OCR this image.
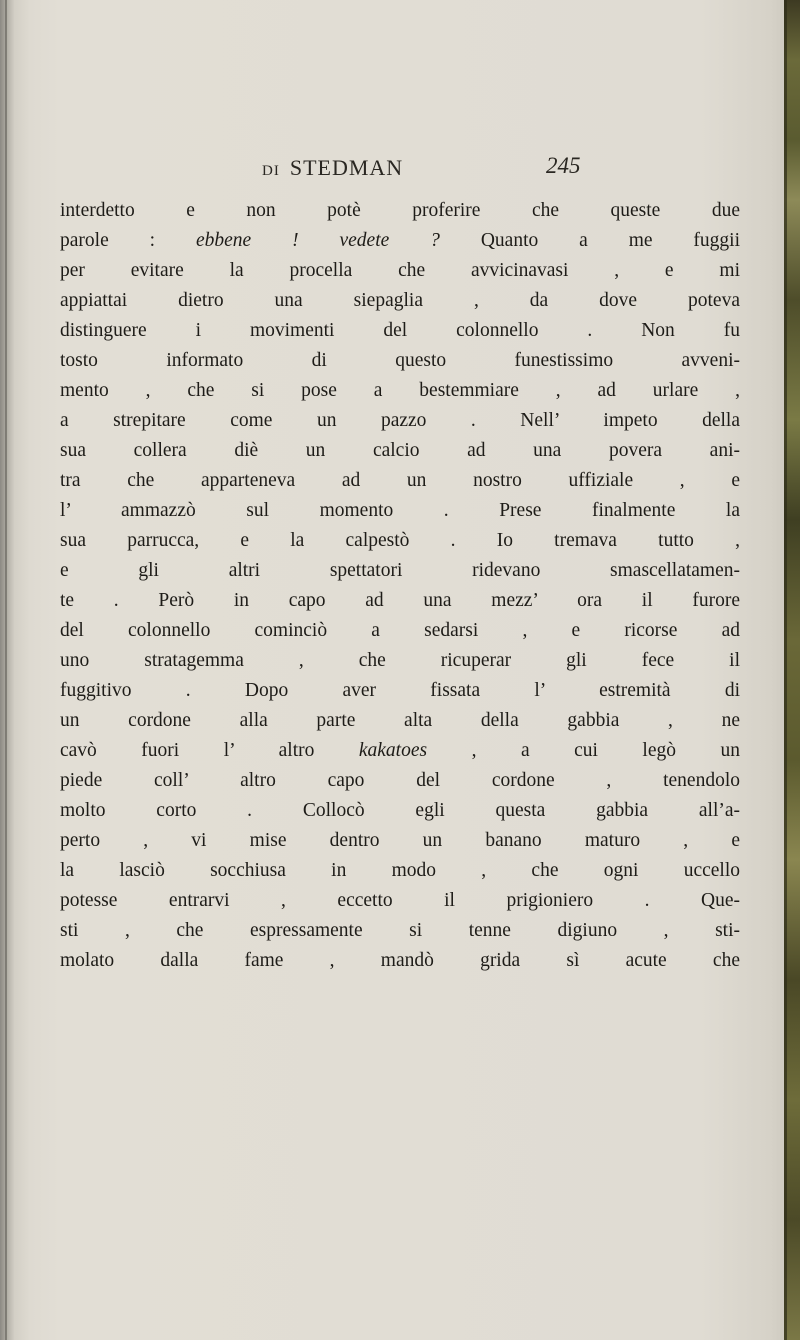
DI STEDMAN	245
interdetto e non potè proferire che queste due
parole : ebbene ! vedete ? Quanto a me fuggii
per evitare la procella che avvicinavasi , e mi
appiattai dietro una siepaglia , da dove poteva
distinguere i movimenti del colonnello . Non fu
tosto informato di questo funestissimo avveni-
mento , che si pose a bestemmiare , ad urlare ,
a strepitare come un pazzo . Nell’ impeto della
sua collera diè un calcio ad una povera ani-
tra che apparteneva ad un nostro uffiziale , e
l’ ammazzò sul momento . Prese finalmente la
sua parrucca, e la calpestò . Io tremava tutto ,
e gli altri spettatori ridevano smascellatamen-
te . Però in capo ad una mezz’ ora il furore
del colonnello cominciò a sedarsi , e ricorse ad
uno stratagemma , che ricuperar gli fece il
fuggitivo . Dopo aver fissata l’ estremità di
un cordone alla parte alta della gabbia , ne
cavò fuori l’ altro kakatoes , a cui legò un
piede coll’ altro capo del cordone , tenendolo
molto corto . Collocò egli questa gabbia all’a-
perto , vi mise dentro un banano maturo , e
la lasciò socchiusa in modo , che ogni uccello
potesse entrarvi , eccetto il prigioniero . Que-
sti , che espressamente si tenne digiuno , sti-
molato dalla fame , mandò grida sì acute che
